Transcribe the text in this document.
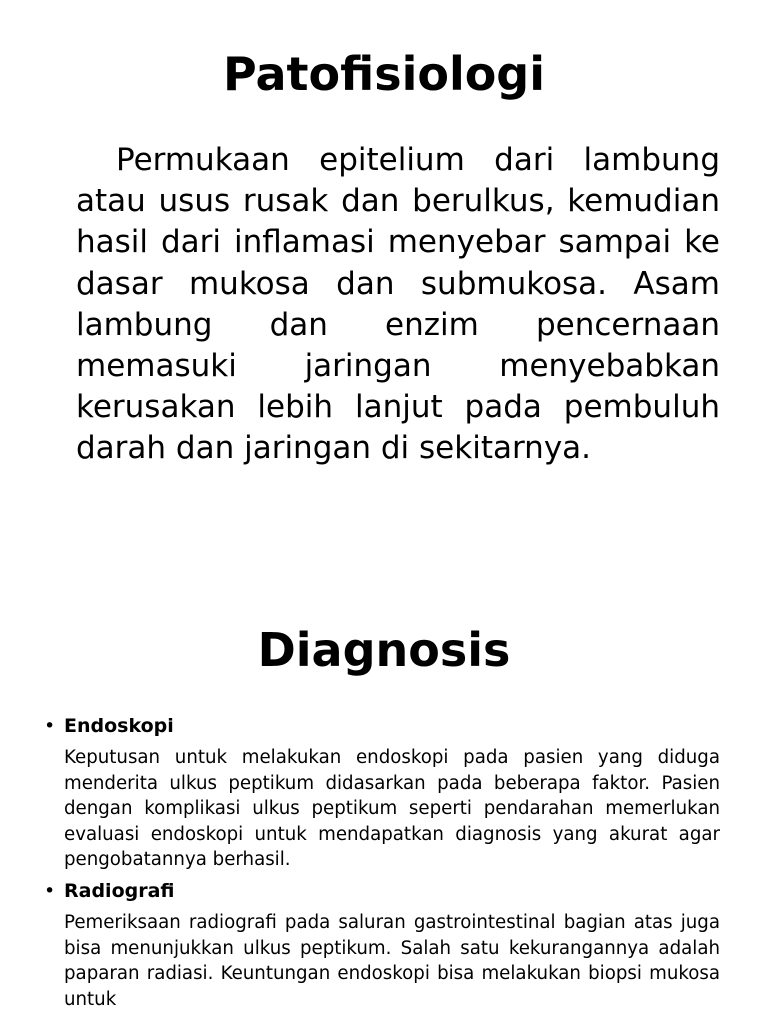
Patofisiologi

Permukaan epitelium dari lambung atau usus rusak dan berulkus, kemudian hasil dari inflamasi menyebar sampai ke dasar mukosa dan submukosa. Asam lambung dan enzim pencernaan memasuki jaringan menyebabkan kerusakan lebih lanjut pada pembuluh darah dan jaringan di sekitarnya.

Diagnosis
• Endoskopi
Keputusan untuk melakukan endoskopi pada pasien yang diduga menderita ulkus peptikum didasarkan pada beberapa faktor. Pasien dengan komplikasi ulkus peptikum seperti pendarahan memerlukan evaluasi endoskopi untuk mendapatkan diagnosis yang akurat agar pengobatannya berhasil.
• Radiografi
Pemeriksaan radiografi pada saluran gastrointestinal bagian atas juga bisa menunjukkan ulkus peptikum. Salah satu kekurangannya adalah paparan radiasi. Keuntungan endoskopi bisa melakukan biopsi mukosa untuk
